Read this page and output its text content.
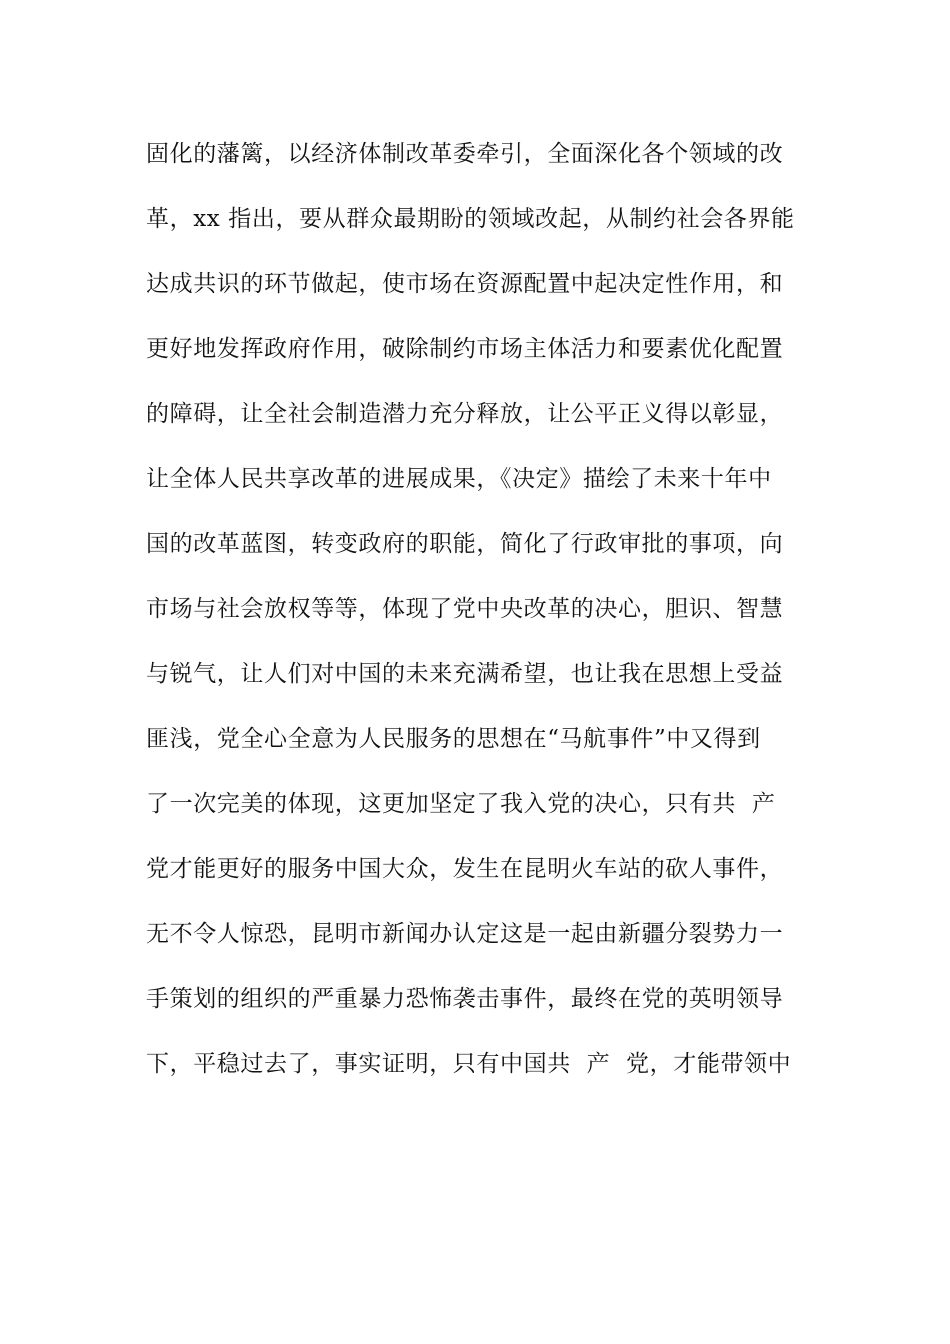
固化的藩篱，以经济体制改革委牵引，全面深化各个领域的改
革，xx 指出，要从群众最期盼的领域改起，从制约社会各界能
达成共识的环节做起，使市场在资源配置中起决定性作用，和
更好地发挥政府作用，破除制约市场主体活力和要素优化配置
的障碍，让全社会制造潜力充分释放，让公平正义得以彰显，
让全体人民共享改革的进展成果，《决定》描绘了未来十年中
国的改革蓝图，转变政府的职能，简化了行政审批的事项，向
市场与社会放权等等，体现了党中央改革的决心，胆识、智慧
与锐气，让人们对中国的未来充满希望，也让我在思想上受益
匪浅，党全心全意为人民服务的思想在“马航事件”中又得到
了一次完美的体现，这更加坚定了我入党的决心，只有共  产
党才能更好的服务中国大众，发生在昆明火车站的砍人事件，
无不令人惊恐，昆明市新闻办认定这是一起由新疆分裂势力一
手策划的组织的严重暴力恐怖袭击事件，最终在党的英明领导
下，平稳过去了，事实证明，只有中国共  产  党，才能带领中
